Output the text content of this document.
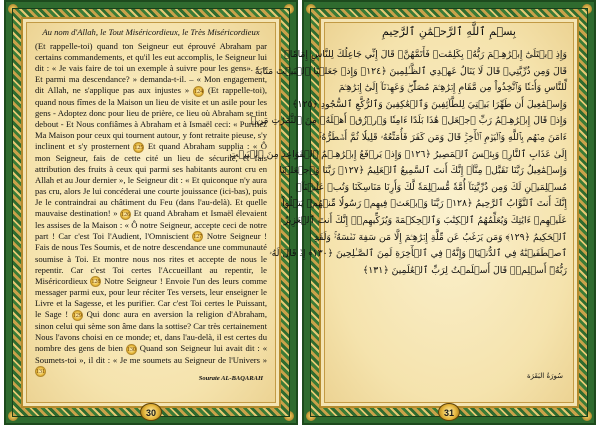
Au nom d'Allah, le Tout Miséricordieux, le Très Miséricordieux

(Et rappelle-toi) quand ton Seigneur eut éprouvé Abraham par certains commandements, et qu'il les eut accomplis, le Seigneur lui dit : « Je vais faire de toi un exemple à suivre pour les gens». – « Et parmi ma descendance? » demanda-t-il. – « Mon engagement, dit Allah, ne s'applique pas aux injustes » 124 (Et rappelle-toi), quand nous fîmes de la Maison un lieu de visite et un asile pour les gens - Adoptez donc pour lieu de prière, ce lieu où Abraham se tint debout - Et Nous confiâmes à Abraham et à Ismaël ceci: « Purifiez Ma Maison pour ceux qui tournent autour, y font retraite pieuse, s'y inclinent et s'y prosternent 125 Et quand Abraham supplia : « Ô mon Seigneur, fais de cette cité un lieu de sécurité, et fais attribution des fruits à ceux qui parmi ses habitants auront cru en Allah et au Jour dernier », le Seigneur dit : « Et quiconque n'y aura pas cru, alors Je lui concéderai une courte jouissance (ici-bas), puis Je le contraindrai au châtiment du Feu (dans l'au-delà). Et quelle mauvaise destination! » 126 Et quand Abraham et Ismaël élevaient les assises de la Maison : « Ô notre Seigneur, accepte ceci de notre part ! Car c'est Toi l'Audient, l'Omniscient 127 Notre Seigneur ! Fais de nous Tes Soumis, et de notre descendance une communauté soumise à Toi. Et montre nous nos rites et accepte de nous le repentir. Car c'est Toi certes l'Accueillant au repentir, le Miséricordieux 128 Notre Seigneur ! Envoie l'un des leurs comme messager parmi eux, pour leur réciter Tes versets, leur enseigner le Livre et la Sagesse, et les purifier. Car c'est Toi certes le Puissant, le Sage ! 129 Qui donc aura en aversion la religion d'Abraham, sinon celui qui sème son âme dans la sottise? Car très certainement Nous l'avons choisi en ce monde; et, dans l'au-delà, il est certes du nombre des gens de bien 130 Quand son Seigneur lui avait dit : « Soumets-toi », il dit : « Je me soumets au Seigneur de l'Univers »

131
Sourate AL-BAQARAH
30
بِسۡمِ ٱللَّهِ ٱلرَّحۡمَٰنِ ٱلرَّحِيمِ
وَإِذِ ٱبۡتَلَىٰٓ إِبۡرَٰهِـۧمَ رَبُّهُۥ بِكَلِمَٰتٖ فَأَتَمَّهُنَّۖ قَالَ إِنِّي جَاعِلُكَ لِلنَّاسِ إِمَامٗاۖ
قَالَ وَمِن ذُرِّيَّتِيۖ قَالَ لَا يَنَالُ عَهۡدِي ٱلظَّـٰلِمِينَ ﴿١٢٤﴾ وَإِذۡ جَعَلۡنَا ٱلۡبَيۡتَ مَثَابَةٗ
لِّلنَّاسِ وَأَمۡنٗا وَٱتَّخِذُواْ مِن مَّقَامِ إِبۡرَٰهِـۧمَ مُصَلّٗىۖ وَعَهِدۡنَآ إِلَىٰٓ إِبۡرَٰهِـۧمَ
وَإِسۡمَٰعِيلَ أَن طَهِّرَا بَيۡتِيَ لِلطَّآئِفِينَ وَٱلۡعَٰكِفِينَ وَٱلرُّكَّعِ ٱلسُّجُودِ ﴿١٢٥﴾
وَإِذۡ قَالَ إِبۡرَٰهِـۧمُ رَبِّ ٱجۡعَلۡ هَٰذَا بَلَدًا ءَامِنٗا وَٱرۡزُقۡ أَهۡلَهُۥ مِنَ ٱلثَّمَرَٰتِ مَنۡ
ءَامَنَ مِنۡهُم بِٱللَّهِ وَٱلۡيَوۡمِ ٱلۡأٓخِرِۚ قَالَ وَمَن كَفَرَ فَأُمَتِّعُهُۥ قَلِيلٗا ثُمَّ أَضۡطَرُّهُۥٓ
إِلَىٰ عَذَابِ ٱلنَّارِۖ وَبِئۡسَ ٱلۡمَصِيرُ ﴿١٢٦﴾ وَإِذۡ يَرۡفَعُ إِبۡرَٰهِـۧمُ ٱلۡقَوَاعِدَ مِنَ ٱلۡبَيۡتِ
وَإِسۡمَٰعِيلُ رَبَّنَا تَقَبَّلۡ مِنَّآۖ إِنَّكَ أَنتَ ٱلسَّمِيعُ ٱلۡعَلِيمُ ﴿١٢٧﴾ رَبَّنَا وَٱجۡعَلۡنَا
مُسۡلِمَيۡنِ لَكَ وَمِن ذُرِّيَّتِنَآ أُمَّةٗ مُّسۡلِمَةٗ لَّكَ وَأَرِنَا مَنَاسِكَنَا وَتُبۡ عَلَيۡنَآۖ
إِنَّكَ أَنتَ ٱلتَّوَّابُ ٱلرَّحِيمُ ﴿١٢٨﴾ رَبَّنَا وَٱبۡعَثۡ فِيهِمۡ رَسُولٗا مِّنۡهُمۡ يَتۡلُواْ
عَلَيۡهِمۡ ءَايَٰتِكَ وَيُعَلِّمُهُمُ ٱلۡكِتَٰبَ وَٱلۡحِكۡمَةَ وَيُزَكِّيهِمۡۖ إِنَّكَ أَنتَ ٱلۡعَزِيزُ
ٱلۡحَكِيمُ ﴿١٢٩﴾ وَمَن يَرۡغَبُ عَن مِّلَّةِ إِبۡرَٰهِـۧمَ إِلَّا مَن سَفِهَ نَفۡسَهُۥۚ وَلَقَدِ
ٱصۡطَفَيۡنَٰهُ فِي ٱلدُّنۡيَاۖ وَإِنَّهُۥ فِي ٱلۡأٓخِرَةِ لَمِنَ ٱلصَّـٰلِحِينَ ﴿١٣٠﴾ إِذۡ قَالَ لَهُۥ
رَبُّهُۥٓ أَسۡلِمۡۖ قَالَ أَسۡلَمۡتُ لِرَبِّ ٱلۡعَٰلَمِينَ ﴿١٣١﴾
سُورَةُ البَقَرَة
31
